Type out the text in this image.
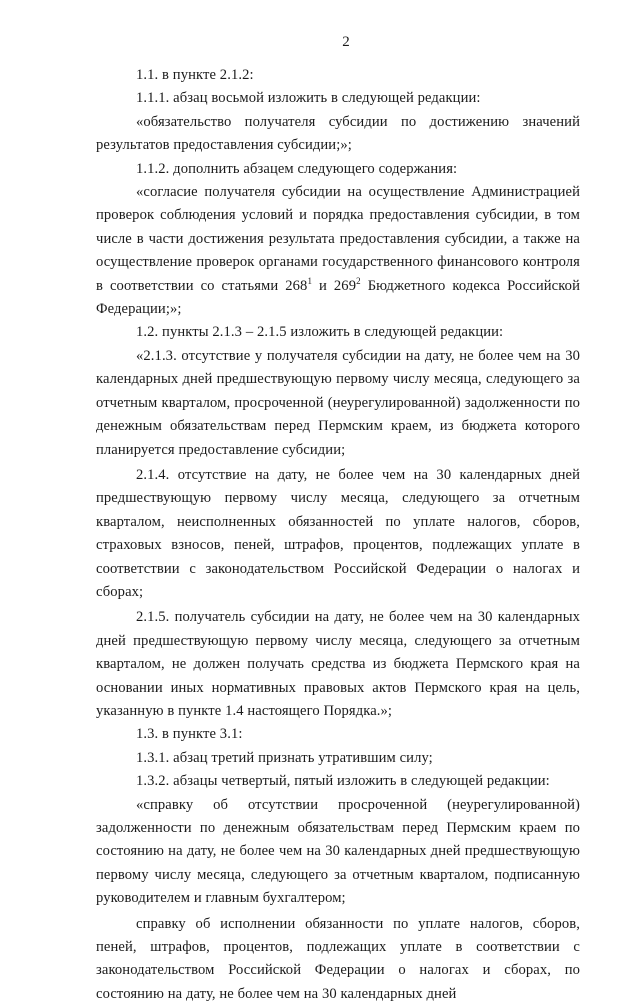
2

1.1. в пункте 2.1.2:

1.1.1. абзац восьмой изложить в следующей редакции:

«обязательство получателя субсидии по достижению значений результатов предоставления субсидии;»;

1.1.2. дополнить абзацем следующего содержания:

«согласие получателя субсидии на осуществление Администрацией проверок соблюдения условий и порядка предоставления субсидии, в том числе в части достижения результата предоставления субсидии, а также на осуществление проверок органами государственного финансового контроля в соответствии со статьями $268^1$ и $269^2$ Бюджетного кодекса Российской Федерации;»;

1.2. пункты 2.1.3 – 2.1.5 изложить в следующей редакции:

«2.1.3. отсутствие у получателя субсидии на дату, не более чем на 30 календарных дней предшествующую первому числу месяца, следующего за отчетным кварталом, просроченной (неурегулированной) задолженности по денежным обязательствам перед Пермским краем, из бюджета которого планируется предоставление субсидии;

2.1.4. отсутствие на дату, не более чем на 30 календарных дней предшествующую первому числу месяца, следующего за отчетным кварталом, неисполненных обязанностей по уплате налогов, сборов, страховых взносов, пеней, штрафов, процентов, подлежащих уплате в соответствии с законодательством Российской Федерации о налогах и сборах;

2.1.5. получатель субсидии на дату, не более чем на 30 календарных дней предшествующую первому числу месяца, следующего за отчетным кварталом, не должен получать средства из бюджета Пермского края на основании иных нормативных правовых актов Пермского края на цель, указанную в пункте 1.4 настоящего Порядка.»;

1.3. в пункте 3.1:

1.3.1. абзац третий признать утратившим силу;

1.3.2. абзацы четвертый, пятый изложить в следующей редакции:

«справку об отсутствии просроченной (неурегулированной) задолженности по денежным обязательствам перед Пермским краем по состоянию на дату, не более чем на 30 календарных дней предшествующую первому числу месяца, следующего за отчетным кварталом, подписанную руководителем и главным бухгалтером;

справку об исполнении обязанности по уплате налогов, сборов, пеней, штрафов, процентов, подлежащих уплате в соответствии с законодательством Российской Федерации о налогах и сборах, по состоянию на дату, не более чем на 30 календарных дней
